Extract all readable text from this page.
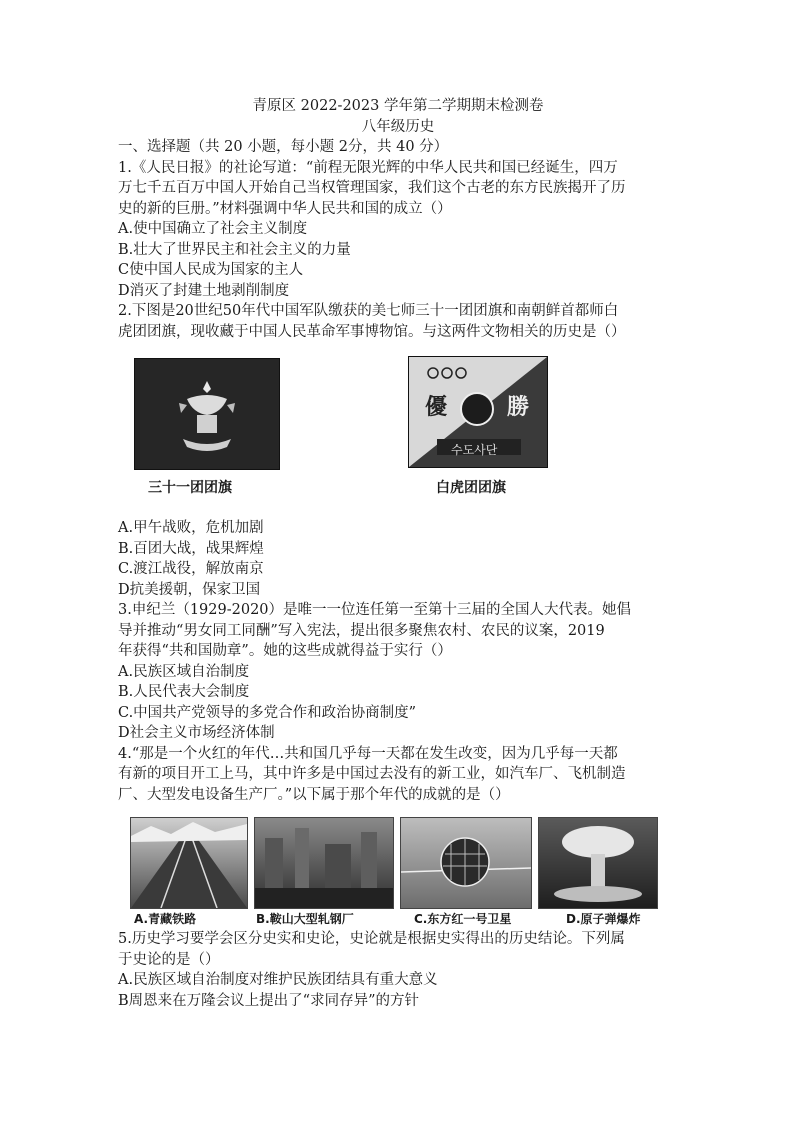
青原区 2022-2023 学年第二学期期末检测卷
八年级历史
一、选择题（共 20 小题，每小题 2分，共 40 分）
1.《人民日报》的社论写道：“前程无限光辉的中华人民共和国已经诞生，四万
万七千五百万中国人开始自己当权管理国家，我们这个古老的东方民族揭开了历
史的新的巨册。”材料强调中华人民共和国的成立（）
A.使中国确立了社会主义制度
B.壮大了世界民主和社会主义的力量
C使中国人民成为国家的主人
D消灭了封建土地剥削制度
2.下图是20世纪50年代中国军队缴获的美七师三十一团团旗和南朝鲜首都师白
虎团团旗，现收藏于中国人民革命军事博物馆。与这两件文物相关的历史是（）
優	勝
수도사단
三十一团团旗	白虎团团旗
A.甲午战败，危机加剧
B.百团大战，战果辉煌
C.渡江战役，解放南京
D抗美援朝，保家卫国
3.申纪兰（1929-2020）是唯一一位连任第一至第十三届的全国人大代表。她倡
导并推动“男女同工同酬”写入宪法，提出很多聚焦农村、农民的议案，2019
年获得“共和国勋章”。她的这些成就得益于实行（）
A.民族区域自治制度
B.人民代表大会制度
C.中国共产党领导的多党合作和政治协商制度”
D社会主义市场经济体制
4.“那是一个火红的年代…共和国几乎每一天都在发生改变，因为几乎每一天都
有新的项目开工上马，其中许多是中国过去没有的新工业，如汽车厂、飞机制造
厂、大型发电设备生产厂。”以下属于那个年代的成就的是（）
A.青藏铁路	B.鞍山大型轧钢厂	C.东方红一号卫星	D.原子弹爆炸
5.历史学习要学会区分史实和史论，史论就是根据史实得出的历史结论。下列属
于史论的是（）
A.民族区域自治制度对维护民族团结具有重大意义
B周恩来在万隆会议上提出了“求同存异”的方针
